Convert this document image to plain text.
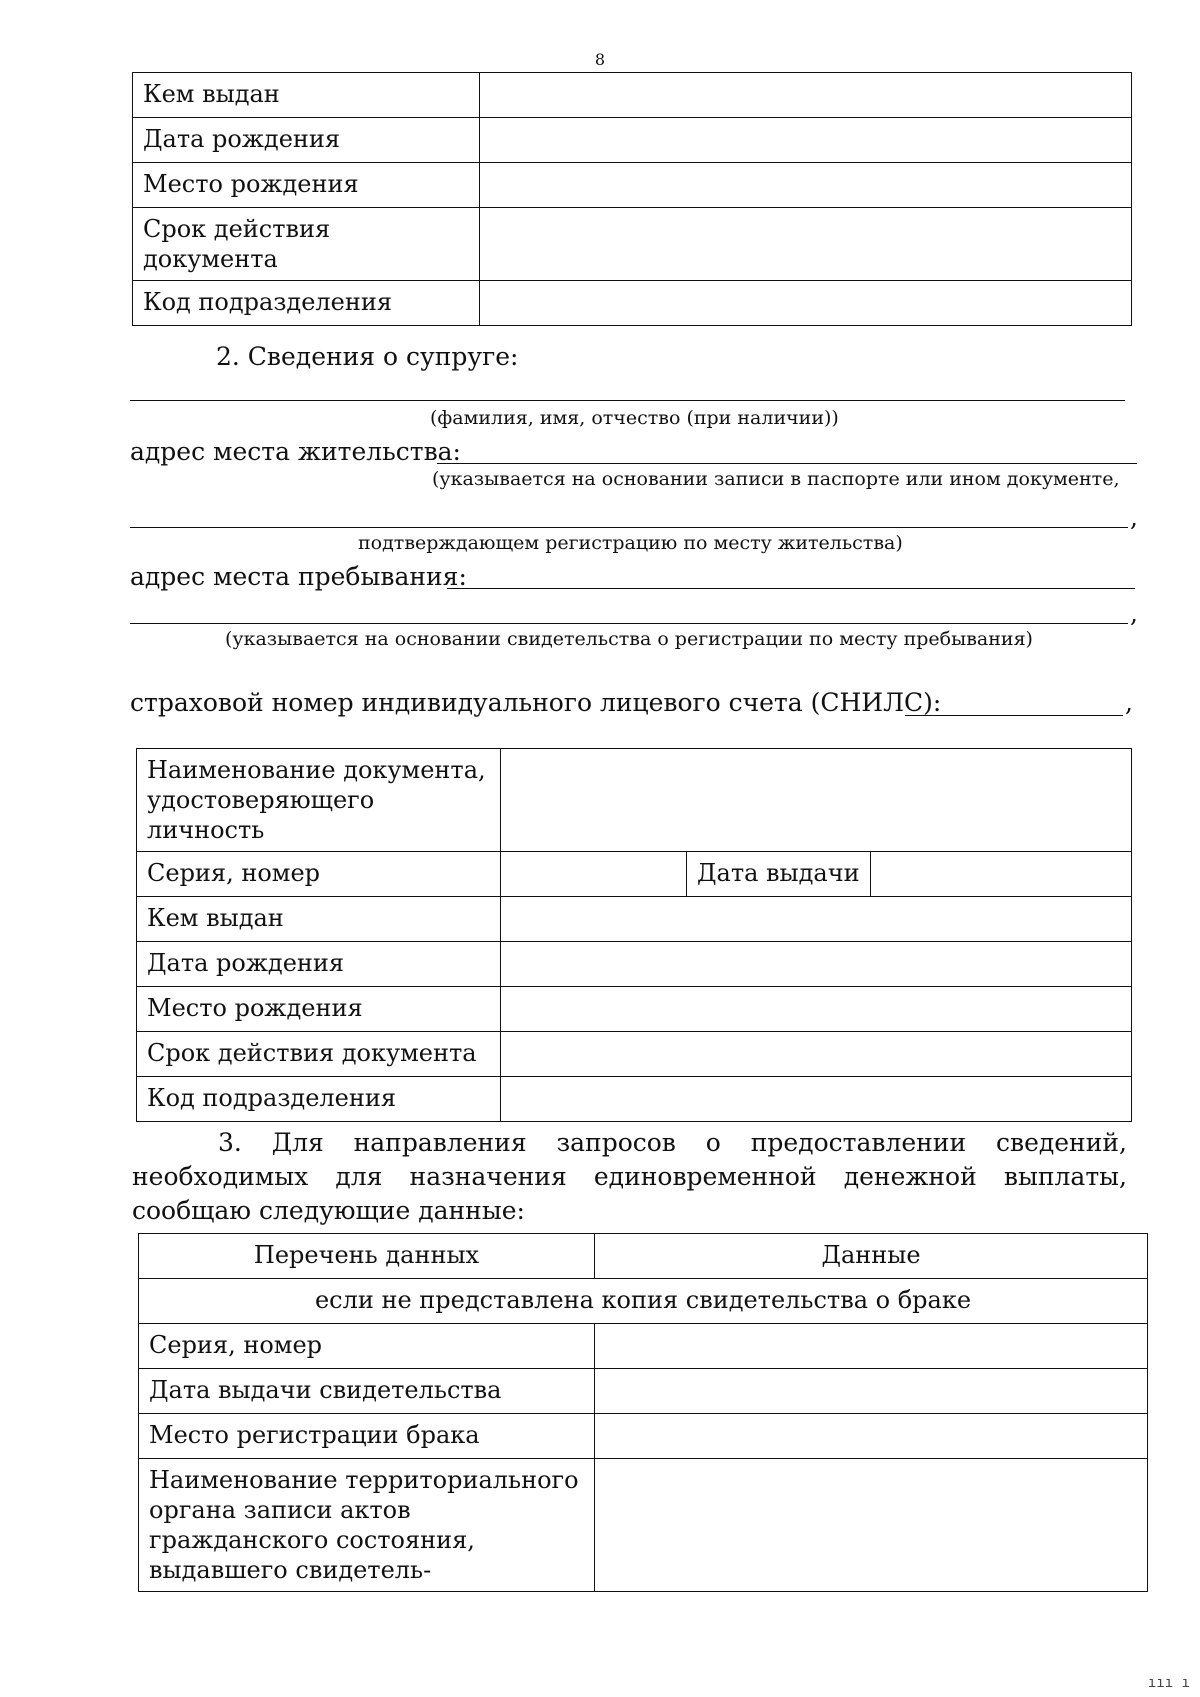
8
Кем выдан	
Дата рождения	
Место рождения	
Срок действия документа	
Код подразделения	
2. Сведения о супруге:
(фамилия, имя, отчество (при наличии))
адрес места жительства:
(указывается на основании записи в паспорте или ином документе,
,
подтверждающем регистрацию по месту жительства)
адрес места пребывания:
,
(указывается на основании свидетельства о регистрации по месту пребывания)
страховой номер индивидуального лицевого счета (СНИЛС):	,
Наименование документа, удостоверяющего личность			
Серия, номер		Дата выдачи	
Кем выдан			
Дата рождения			
Место рождения			
Срок действия документа			
Код подразделения			
3. Для направления запросов о предоставлении сведений, необходимых для назначения единовременной денежной выплаты, сообщаю следующие данные:
Перечень данных	Данные
если не представлена копия свидетельства о браке	
Серия, номер	
Дата выдачи свидетельства	
Место регистрации брака	
Наименование территориального органа записи актов гражданского состояния, выдавшего свидетель-	
ııı ı
